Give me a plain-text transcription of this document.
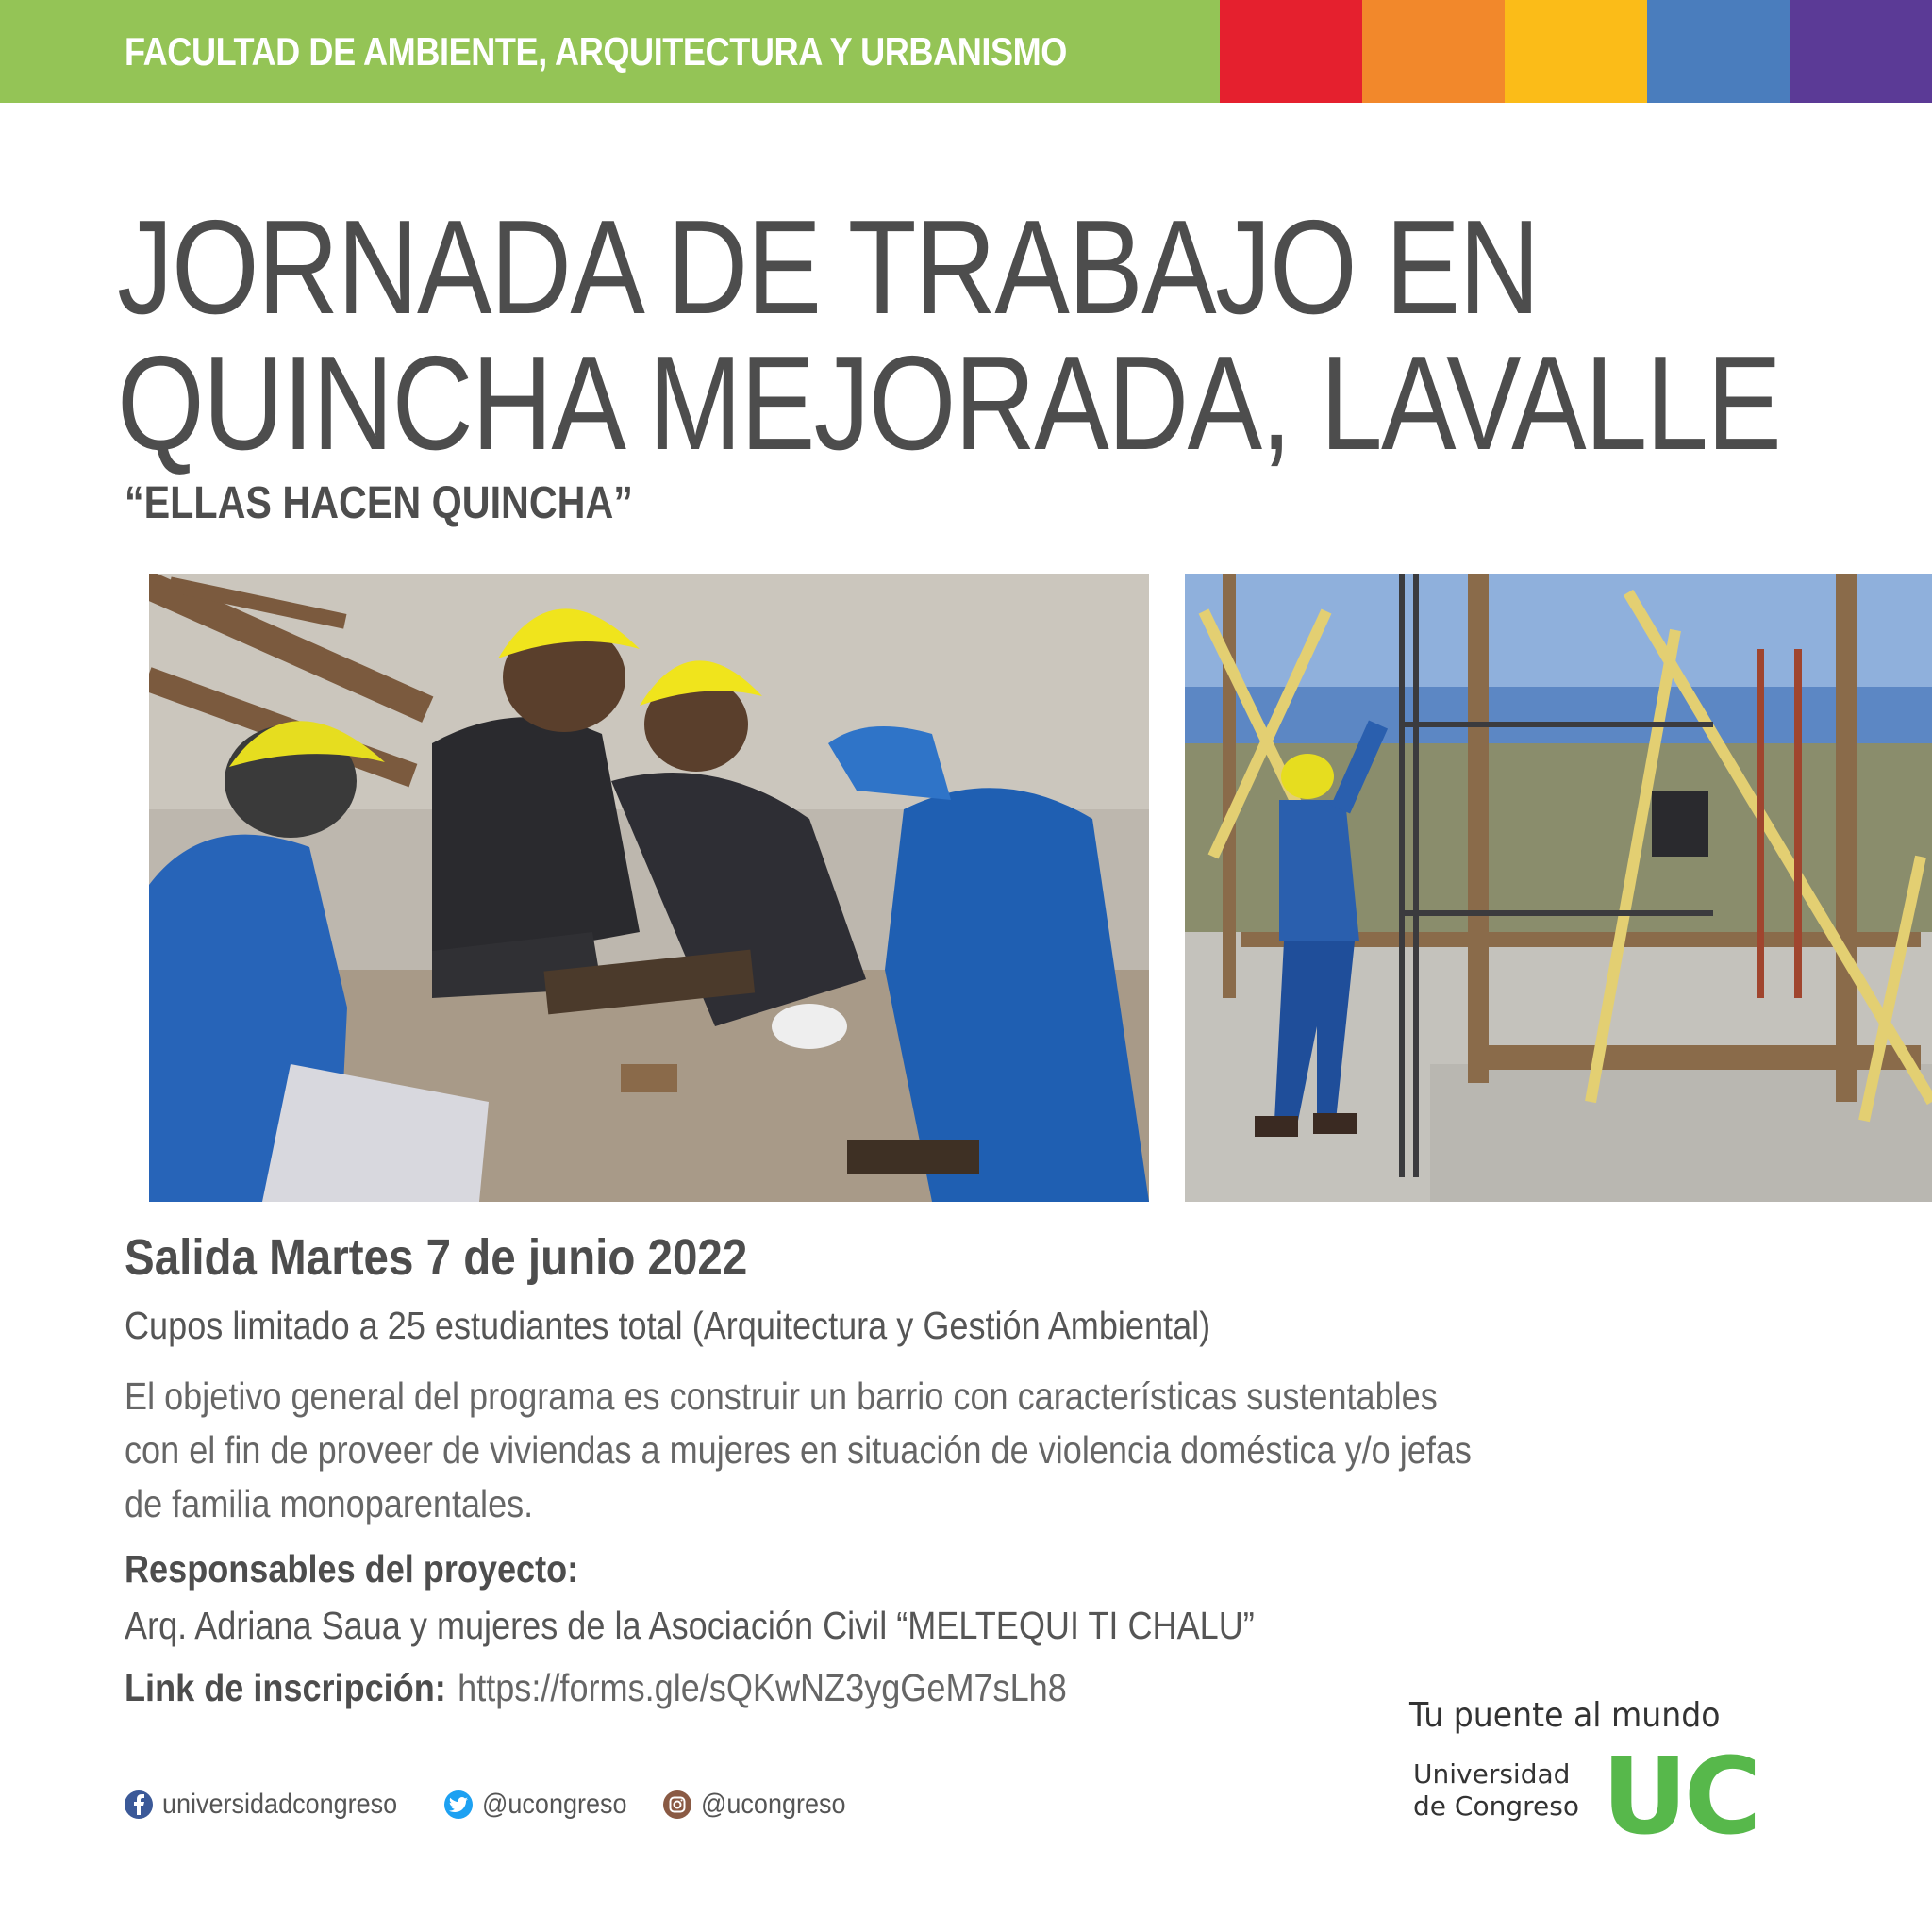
FACULTAD DE AMBIENTE, ARQUITECTURA Y URBANISMO
JORNADA DE TRABAJO EN
QUINCHA MEJORADA, LAVALLE
“ELLAS HACEN QUINCHA”
Salida Martes 7 de junio 2022
Cupos limitado a 25 estudiantes total (Arquitectura y Gestión Ambiental)
El objetivo general del programa es construir un barrio con características sustentables
con el fin de proveer de viviendas a mujeres en situación de violencia doméstica y/o jefas
de familia monoparentales.
Responsables del proyecto:
Arq. Adriana Saua y mujeres de la Asociación Civil “MELTEQUI TI CHALU”
Link de inscripción: https://forms.gle/sQKwNZ3ygGeM7sLh8
universidadcongreso	@ucongreso	@ucongreso
Tu puente al mundo
Universidad
de Congreso UC
